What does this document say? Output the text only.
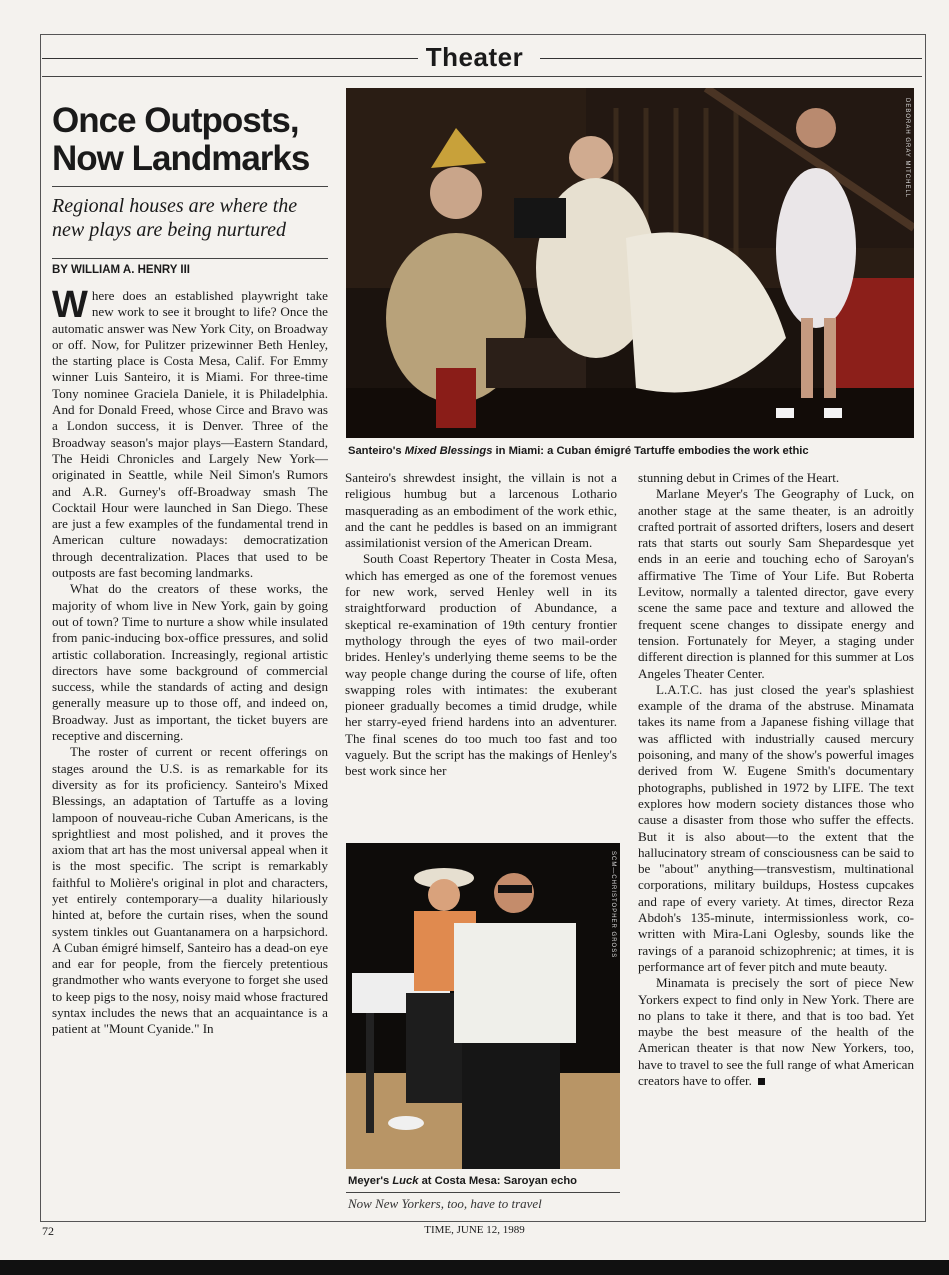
Theater
Once Outposts, Now Landmarks
Regional houses are where the new plays are being nurtured
BY WILLIAM A. HENRY III

Where does an established playwright take new work to see it brought to life? Once the automatic answer was New York City, on Broadway or off. Now, for Pulitzer prizewinner Beth Henley, the starting place is Costa Mesa, Calif. For Emmy winner Luis Santeiro, it is Miami. For three-time Tony nominee Graciela Daniele, it is Philadelphia. And for Donald Freed, whose Circe and Bravo was a London success, it is Denver. Three of the Broadway season's major plays—Eastern Standard, The Heidi Chronicles and Largely New York—originated in Seattle, while Neil Simon's Rumors and A.R. Gurney's off-Broadway smash The Cocktail Hour were launched in San Diego. These are just a few examples of the fundamental trend in American culture nowadays: democratization through decentralization. Places that used to be outposts are fast becoming landmarks.

What do the creators of these works, the majority of whom live in New York, gain by going out of town? Time to nurture a show while insulated from panic-inducing box-office pressures, and solid artistic collaboration. Increasingly, regional artistic directors have some background of commercial success, while the standards of acting and design generally measure up to those off, and indeed on, Broadway. Just as important, the ticket buyers are receptive and discerning.

The roster of current or recent offerings on stages around the U.S. is as remarkable for its diversity as for its proficiency. Santeiro's Mixed Blessings, an adaptation of Tartuffe as a loving lampoon of nouveau-riche Cuban Americans, is the sprightliest and most polished, and it proves the axiom that art has the most universal appeal when it is the most specific. The script is remarkably faithful to Molière's original in plot and characters, yet entirely contemporary—a duality hilariously hinted at, before the curtain rises, when the sound system tinkles out Guantanamera on a harpsichord. A Cuban émigré himself, Santeiro has a dead-on eye and ear for people, from the fiercely pretentious grandmother who wants everyone to forget she used to keep pigs to the nosy, noisy maid whose fractured syntax includes the news that an acquaintance is a patient at "Mount Cyanide." In

DEBORAH GRAY MITCHELL
Santeiro's Mixed Blessings in Miami: a Cuban émigré Tartuffe embodies the work ethic

Santeiro's shrewdest insight, the villain is not a religious humbug but a larcenous Lothario masquerading as an embodiment of the work ethic, and the cant he peddles is based on an immigrant assimilationist version of the American Dream.

South Coast Repertory Theater in Costa Mesa, which has emerged as one of the foremost venues for new work, served Henley well in its straightforward production of Abundance, a skeptical re-examination of 19th century frontier mythology through the eyes of two mail-order brides. Henley's underlying theme seems to be the way people change during the course of life, often swapping roles with intimates: the exuberant pioneer gradually becomes a timid drudge, while her starry-eyed friend hardens into an adventurer. The final scenes do too much too fast and too vaguely. But the script has the makings of Henley's best work since her

SCM—CHRISTOPHER GROSS
Meyer's Luck at Costa Mesa: Saroyan echo
Now New Yorkers, too, have to travel

stunning debut in Crimes of the Heart.

Marlane Meyer's The Geography of Luck, on another stage at the same theater, is an adroitly crafted portrait of assorted drifters, losers and desert rats that starts out sourly Sam Shepardesque yet ends in an eerie and touching echo of Saroyan's affirmative The Time of Your Life. But Roberta Levitow, normally a talented director, gave every scene the same pace and texture and allowed the frequent scene changes to dissipate energy and tension. Fortunately for Meyer, a staging under different direction is planned for this summer at Los Angeles Theater Center.

L.A.T.C. has just closed the year's splashiest example of the drama of the abstruse. Minamata takes its name from a Japanese fishing village that was afflicted with industrially caused mercury poisoning, and many of the show's powerful images derived from W. Eugene Smith's documentary photographs, published in 1972 by LIFE. The text explores how modern society distances those who cause a disaster from those who suffer the effects. But it is also about—to the extent that the hallucinatory stream of consciousness can be said to be "about" anything—transvestism, multinational corporations, military buildups, Hostess cupcakes and rape of every variety. At times, director Reza Abdoh's 135-minute, intermissionless work, co-written with Mira-Lani Oglesby, sounds like the ravings of a paranoid schizophrenic; at times, it is performance art of fever pitch and mute beauty.

Minamata is precisely the sort of piece New Yorkers expect to find only in New York. There are no plans to take it there, and that is too bad. Yet maybe the best measure of the health of the American theater is that now New Yorkers, too, have to travel to see the full range of what American creators have to offer.

72	TIME, JUNE 12, 1989
